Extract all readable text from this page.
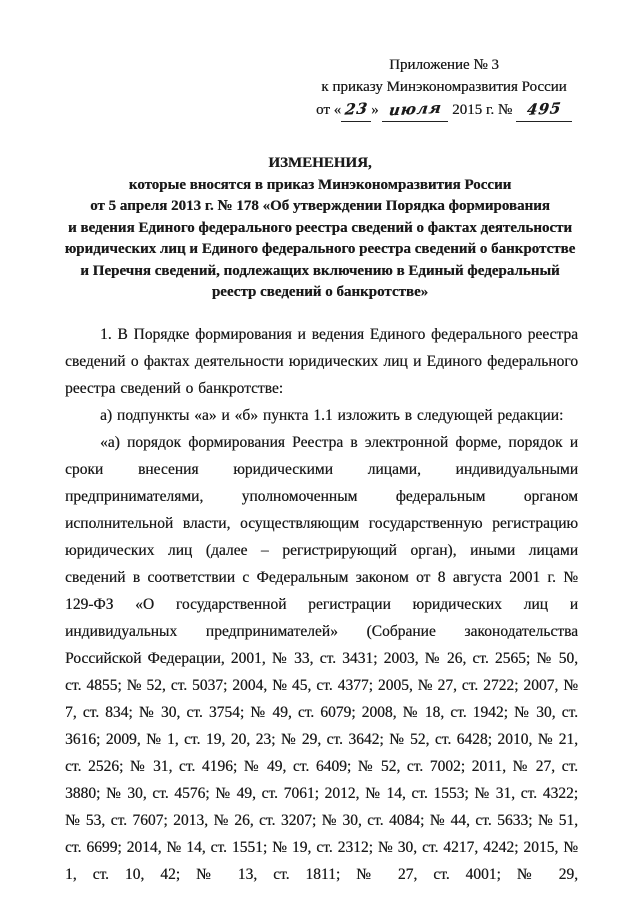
Приложение № 3
к приказу Минэкономразвития России
от « 23 » июля 2015 г. № 495
ИЗМЕНЕНИЯ,
которые вносятся в приказ Минэкономразвития России
от 5 апреля 2013 г. № 178 «Об утверждении Порядка формирования
и ведения Единого федерального реестра сведений о фактах деятельности
юридических лиц и Единого федерального реестра сведений о банкротстве
и Перечня сведений, подлежащих включению в Единый федеральный
реестр сведений о банкротстве»

1. В Порядке формирования и ведения Единого федерального реестра сведений о фактах деятельности юридических лиц и Единого федерального реестра сведений о банкротстве:

а) подпункты «а» и «б» пункта 1.1 изложить в следующей редакции:

«а) порядок формирования Реестра в электронной форме, порядок и сроки внесения юридическими лицами, индивидуальными предпринимателями, уполномоченным федеральным органом исполнительной власти, осуществляющим государственную регистрацию юридических лиц (далее – регистрирующий орган), иными лицами сведений в соответствии с Федеральным законом от 8 августа 2001 г. № 129-ФЗ «О государственной регистрации юридических лиц и индивидуальных предпринимателей» (Собрание законодательства Российской Федерации, 2001, № 33, ст. 3431; 2003, № 26, ст. 2565; № 50, ст. 4855; № 52, ст. 5037; 2004, № 45, ст. 4377; 2005, № 27, ст. 2722; 2007, № 7, ст. 834; № 30, ст. 3754; № 49, ст. 6079; 2008, № 18, ст. 1942; № 30, ст. 3616; 2009, № 1, ст. 19, 20, 23; № 29, ст. 3642; № 52, ст. 6428; 2010, № 21, ст. 2526; № 31, ст. 4196; № 49, ст. 6409; № 52, ст. 7002; 2011, № 27, ст. 3880; № 30, ст. 4576; № 49, ст. 7061; 2012, № 14, ст. 1553; № 31, ст. 4322; № 53, ст. 7607; 2013, № 26, ст. 3207; № 30, ст. 4084; № 44, ст. 5633; № 51, ст. 6699; 2014, № 14, ст. 1551; № 19, ст. 2312; № 30, ст. 4217, 4242; 2015, № 1, ст. 10, 42; № 13, ст. 1811; № 27, ст. 4001; № 29,
